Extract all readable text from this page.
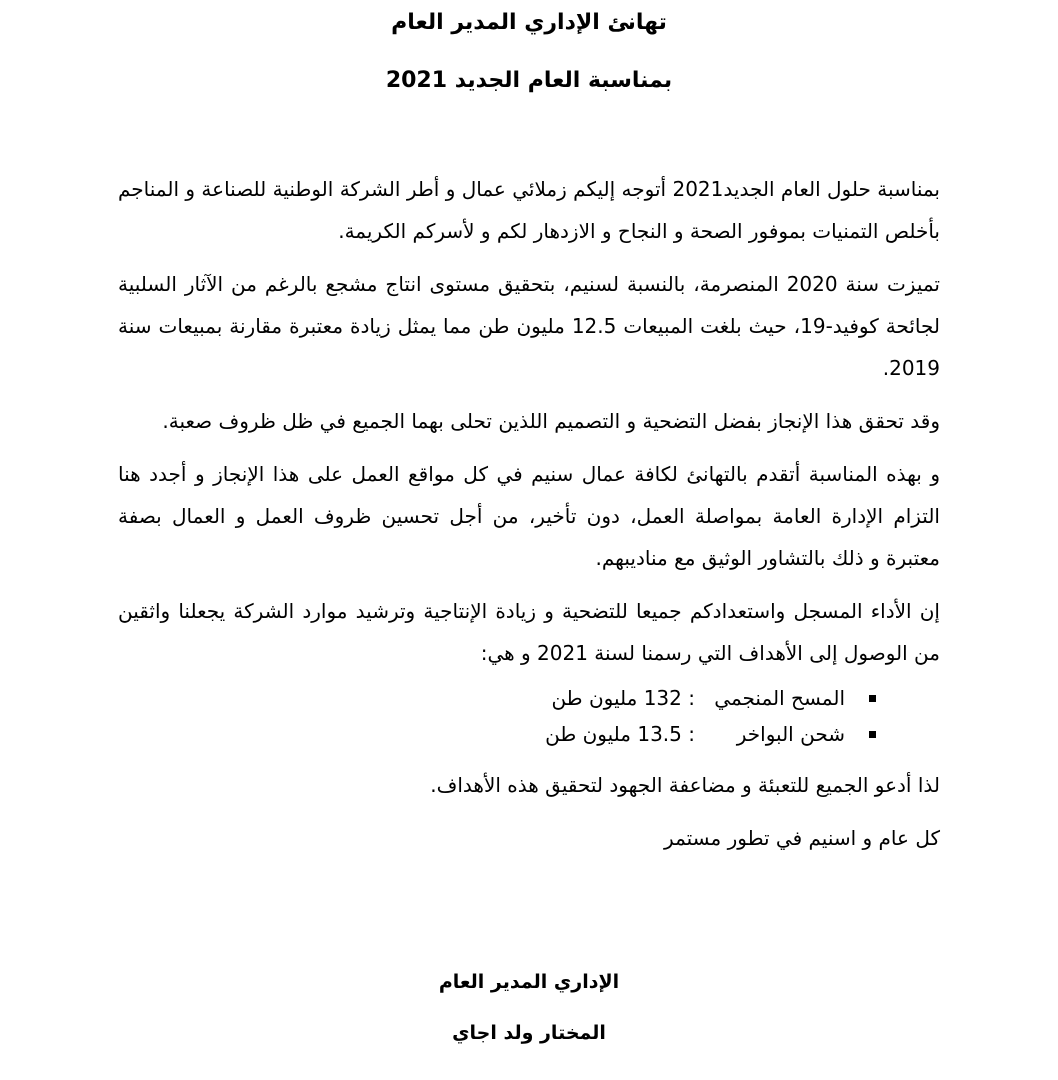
تهانئ الإداري المدير العام
بمناسبة العام الجديد 2021

بمناسبة حلول العام الجديد2021 أتوجه إليكم زملائي عمال و أطر الشركة الوطنية للصناعة و المناجم بأخلص التمنيات بموفور الصحة و النجاح و الازدهار لكم و لأسركم الكريمة.

تميزت سنة 2020 المنصرمة، بالنسبة لسنيم، بتحقيق مستوى انتاج مشجع بالرغم من الآثار السلبية لجائحة كوفيد-19، حيث بلغت المبيعات 12.5 مليون طن مما يمثل زيادة معتبرة مقارنة بمبيعات سنة 2019.

وقد تحقق هذا الإنجاز بفضل التضحية و التصميم اللذين تحلى بهما الجميع في ظل ظروف صعبة.

و بهذه المناسبة أتقدم بالتهانئ لكافة عمال سنيم في كل مواقع العمل على هذا الإنجاز و أجدد هنا التزام الإدارة العامة بمواصلة العمل، دون تأخير، من أجل تحسين ظروف العمل و العمال بصفة معتبرة و ذلك بالتشاور الوثيق مع مناديبهم.

إن الأداء المسجل واستعدادكم جميعا للتضحية و زيادة الإنتاجية وترشيد موارد الشركة يجعلنا واثقين من الوصول إلى الأهداف التي رسمنا لسنة 2021 و هي:

المسح المنجمي
: 132 مليون طن
شحن البواخر
: 13.5 مليون طن

لذا أدعو الجميع للتعبئة و مضاعفة الجهود لتحقيق هذه الأهداف.

كل عام و اسنيم في تطور مستمر

الإداري المدير العام
المختار ولد اجاي
